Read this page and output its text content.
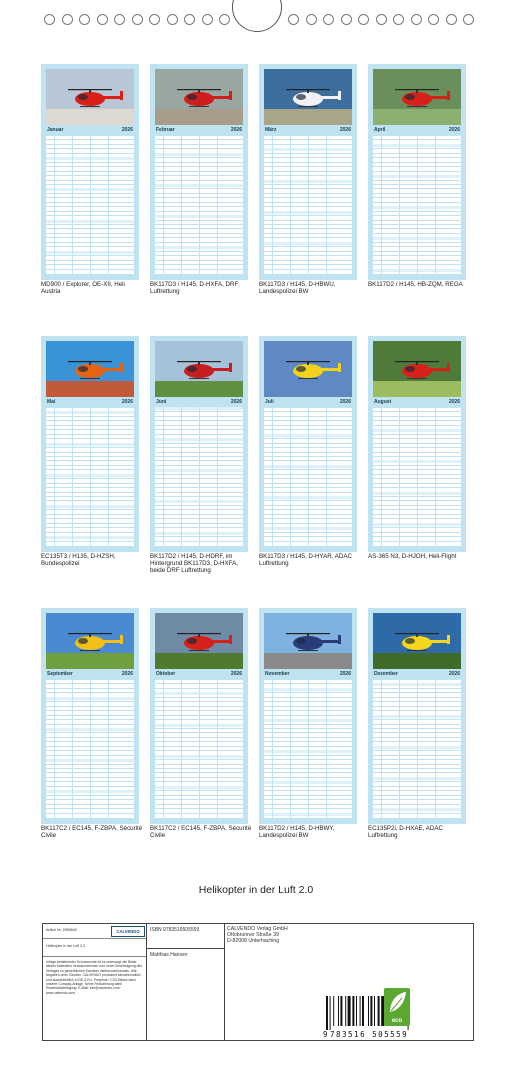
Januar	2026
MD900 / Explorer, OE-XII, Heli Austria
Februar	2026
BK117D3 / H145, D-HXFA, DRF Luftrettung
März	2026
BK117D3 / H145, D-HBWU, Landespolizei BW
April	2026
BK117D2 / H145, HB-ZQM, REGA
Mai	2026
EC135T3 / H135, D-HZSH, Bundespolizei
Juni	2026
BK117D2 / H145, D-HDRF, im Hintergrund BK117D3, D-HXFA, beide DRF Luftrettung
Juli	2026
BK117D3 / H145, D-HYAR, ADAC Luftrettung
August	2026
AS-365 N3, D-HJOH, Heli-Flight
September	2026
BK117C2 / EC145, F-ZBPA, Sécurité Civile
Oktober	2026
BK117C2 / EC145, F-ZBPA, Sécurité Civile
November	2026
BK117D2 / H145, D-HBWY, Landespolizei BW
Dezember	2026
EC135P2i, D-HXAE, ADAC Luftrettung
Helikopter in der Luft 2.0
Artikel Nr. 2989846	CALVENDO
Helikopter in der Luft 2.0
Infolge bestehender Schutzrechte ist es untersagt, die Bilder dieses Kalenders herauszutrennen und ohne Genehmigung des Verlages zu gewerblichen Zwecken weiterzuverwenden. Alle Angaben ohne Gewähr. CALVENDO produziert klimafreundlich und ausschließlich in DE & EU. Preprints / CO2-Bilanz dank unserer Compaq-Anlage. Keine Reduzierung dank Einzelstückfertigung. E-Mail: info@calvendo.com · www.calvendo.com
ISBN 9783516505559
Matthias Hansen
CALVENDO Verlag GmbH
Ottobrunner Straße 39
D-82008 Unterhaching
9 783516 505559
eco
